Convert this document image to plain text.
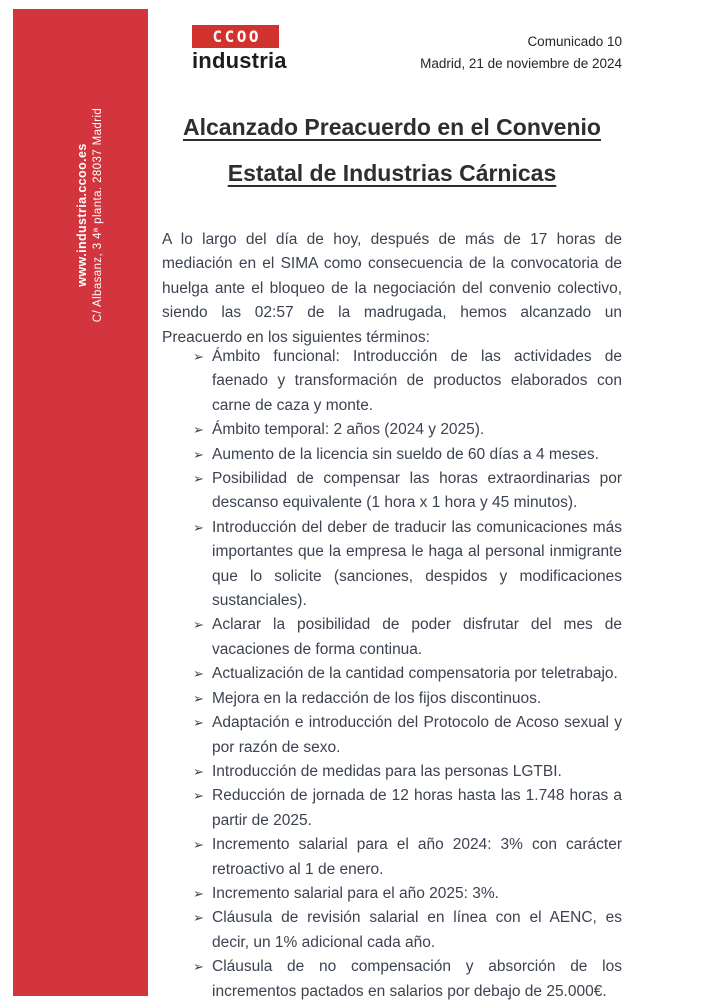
www.industria.ccoo.es C/ Albasanz, 3 4ª planta. 28037 Madrid
CCOO
industria
Comunicado 10
Madrid, 21 de noviembre de 2024
Alcanzado Preacuerdo en el Convenio
Estatal de Industrias Cárnicas

A lo largo del día de hoy, después de más de 17 horas de mediación en el SIMA como consecuencia de la convocatoria de huelga ante el bloqueo de la negociación del convenio colectivo, siendo las 02:57 de la madrugada, hemos alcanzado un Preacuerdo en los siguientes términos:

➢ Ámbito funcional: Introducción de las actividades de faenado y transformación de productos elaborados con carne de caza y monte.
➢ Ámbito temporal: 2 años (2024 y 2025).
➢ Aumento de la licencia sin sueldo de 60 días a 4 meses.
➢ Posibilidad de compensar las horas extraordinarias por descanso equivalente (1 hora x 1 hora y 45 minutos).
➢ Introducción del deber de traducir las comunicaciones más importantes que la empresa le haga al personal inmigrante que lo solicite (sanciones, despidos y modificaciones sustanciales).
➢ Aclarar la posibilidad de poder disfrutar del mes de vacaciones de forma continua.
➢ Actualización de la cantidad compensatoria por teletrabajo.
➢ Mejora en la redacción de los fijos discontinuos.
➢ Adaptación e introducción del Protocolo de Acoso sexual y por razón de sexo.
➢ Introducción de medidas para las personas LGTBI.
➢ Reducción de jornada de 12 horas hasta las 1.748 horas a partir de 2025.
➢ Incremento salarial para el año 2024: 3% con carácter retroactivo al 1 de enero.
➢ Incremento salarial para el año 2025: 3%.
➢ Cláusula de revisión salarial en línea con el AENC, es decir, un 1% adicional cada año.
➢ Cláusula de no compensación y absorción de los incrementos pactados en salarios por debajo de 25.000€.
